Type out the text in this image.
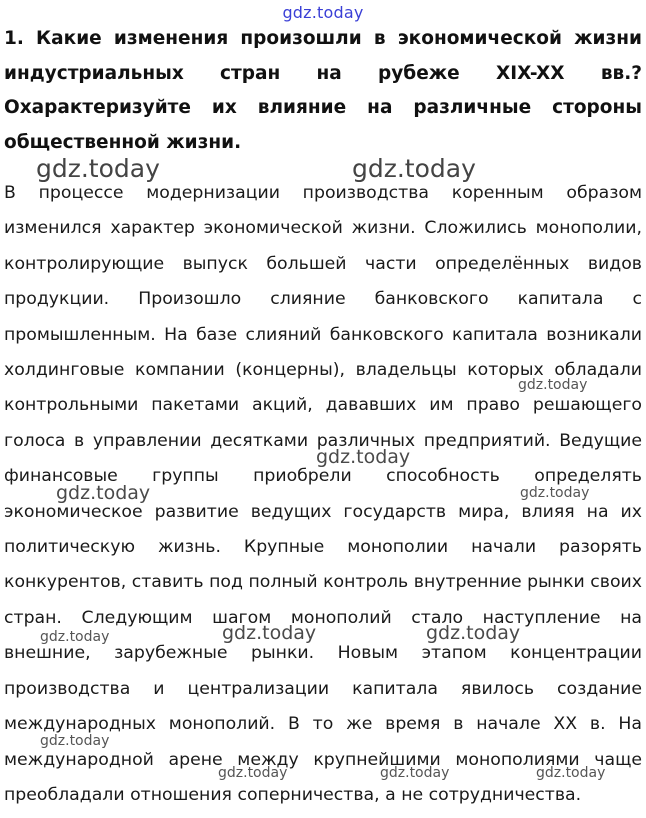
gdz.today
1. Какие изменения произошли в экономической жизни индустриальных стран на рубеже XIX-XX вв.? Охарактеризуйте их влияние на различные стороны общественной жизни.
В процессе модернизации производства коренным образом изменился характер экономической жизни. Сложились монополии, контролирующие выпуск большей части определённых видов продукции. Произошло слияние банковского капитала с промышленным. На базе слияний банковского капитала возникали холдинговые компании (концерны), владельцы которых обладали контрольными пакетами акций, дававших им право решающего голоса в управлении десятками различных предприятий. Ведущие финансовые группы приобрели способность определять экономическое развитие ведущих государств мира, влияя на их политическую жизнь. Крупные монополии начали разорять конкурентов, ставить под полный контроль внутренние рынки своих стран. Следующим шагом монополий стало наступление на внешние, зарубежные рынки. Новым этапом концентрации производства и централизации капитала явилось создание международных монополий. В то же время в начале XX в. На международной арене между крупнейшими монополиями чаще преобладали отношения соперничества, а не сотрудничества.
gdz.today	gdz.today
gdz.today
gdz.today
gdz.today	gdz.today
gdz.today	gdz.today
gdz.today
gdz.today
gdz.today	gdz.today	gdz.today
